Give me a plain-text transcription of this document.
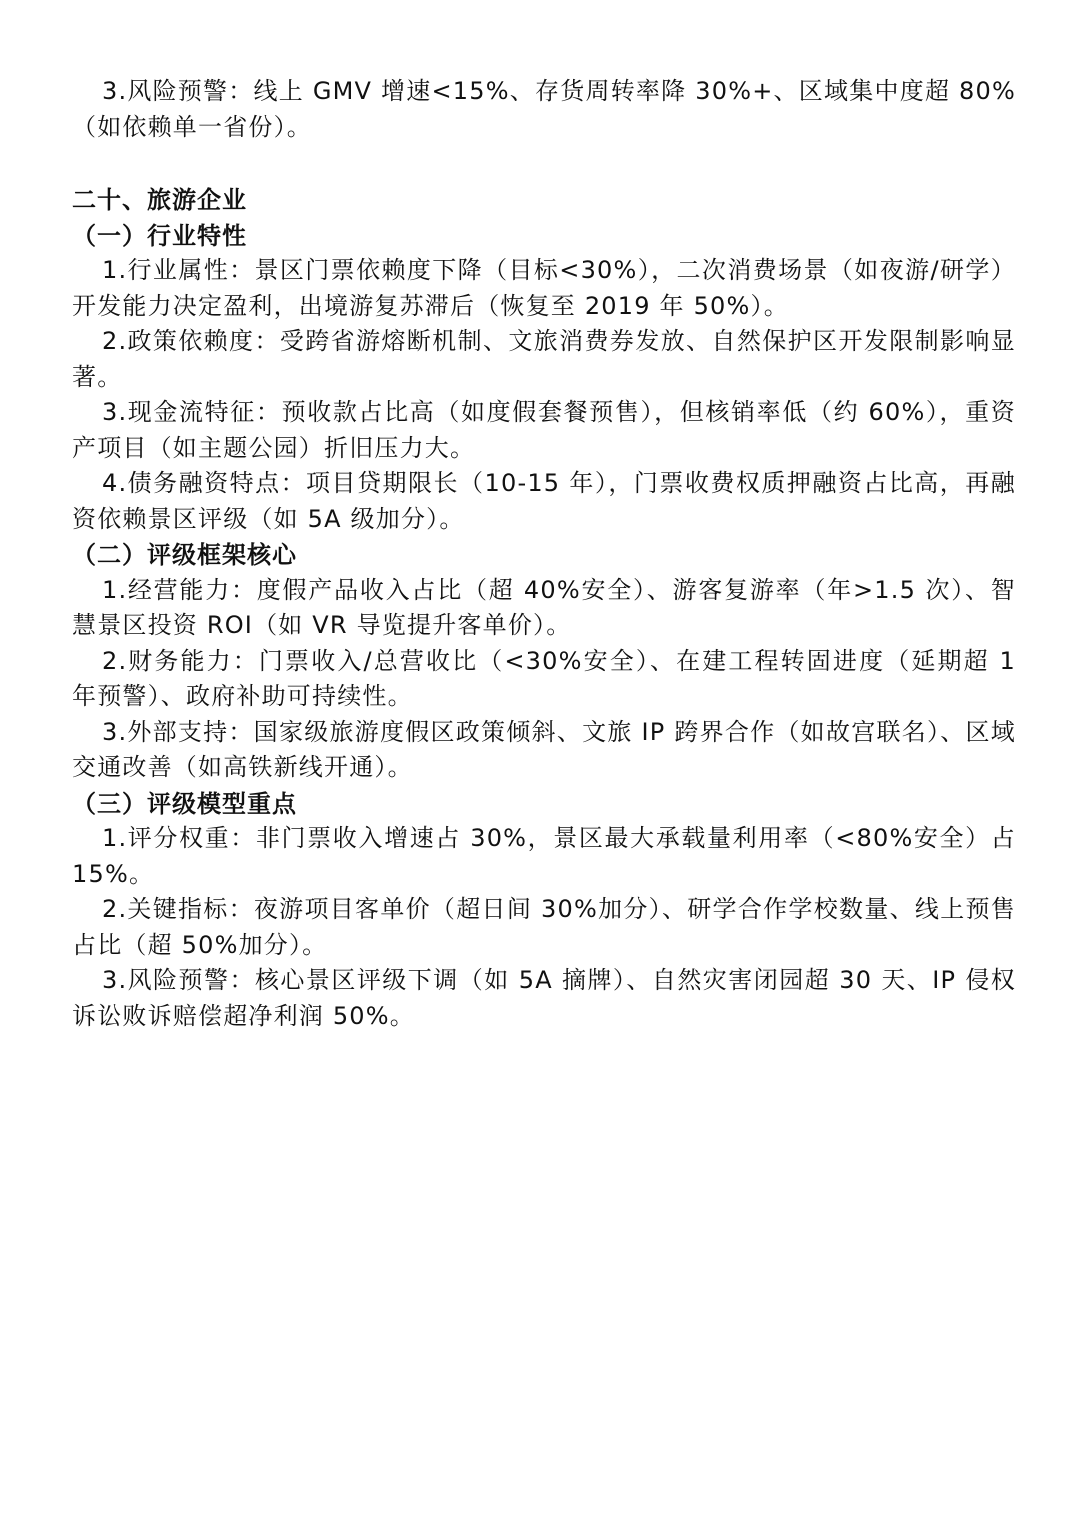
3.风险预警：线上 GMV 增速<15%、存货周转率降 30%+、区域集中度超 80%（如依赖单一省份）。

二十、旅游企业
（一）行业特性

1.行业属性：景区门票依赖度下降（目标<30%），二次消费场景（如夜游/研学）开发能力决定盈利，出境游复苏滞后（恢复至 2019 年 50%）。

2.政策依赖度：受跨省游熔断机制、文旅消费券发放、自然保护区开发限制影响显著。

3.现金流特征：预收款占比高（如度假套餐预售），但核销率低（约 60%），重资产项目（如主题公园）折旧压力大。

4.债务融资特点：项目贷期限长（10-15 年），门票收费权质押融资占比高，再融资依赖景区评级（如 5A 级加分）。

（二）评级框架核心

1.经营能力：度假产品收入占比（超 40%安全）、游客复游率（年>1.5 次）、智慧景区投资 ROI（如 VR 导览提升客单价）。

2.财务能力：门票收入/总营收比（<30%安全）、在建工程转固进度（延期超 1 年预警）、政府补助可持续性。

3.外部支持：国家级旅游度假区政策倾斜、文旅 IP 跨界合作（如故宫联名）、区域交通改善（如高铁新线开通）。

（三）评级模型重点

1.评分权重：非门票收入增速占 30%，景区最大承载量利用率（<80%安全）占 15%。

2.关键指标：夜游项目客单价（超日间 30%加分）、研学合作学校数量、线上预售占比（超 50%加分）。

3.风险预警：核心景区评级下调（如 5A 摘牌）、自然灾害闭园超 30 天、IP 侵权诉讼败诉赔偿超净利润 50%。
